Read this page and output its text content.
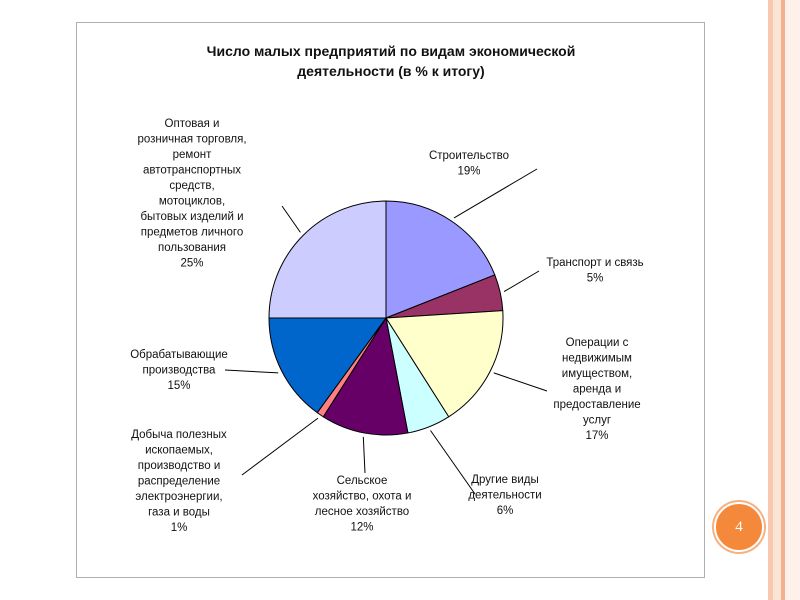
Число малых предприятий по видам экономической
деятельности (в % к итогу)
Строительство
19%
Транспорт и связь
5%
Операции с
недвижимым
имуществом,
аренда и
предоставление
услуг
17%
Другие виды
деятельности
6%
Сельское
хозяйство, охота и
лесное хозяйство
12%
Добыча полезных
ископаемых,
производство и
распределение
электроэнергии,
газа и воды
1%
Обрабатывающие
производства
15%
Оптовая и
розничная торговля,
ремонт
автотранспортных
средств,
мотоциклов,
бытовых изделий и
предметов личного
пользования
25%
4
